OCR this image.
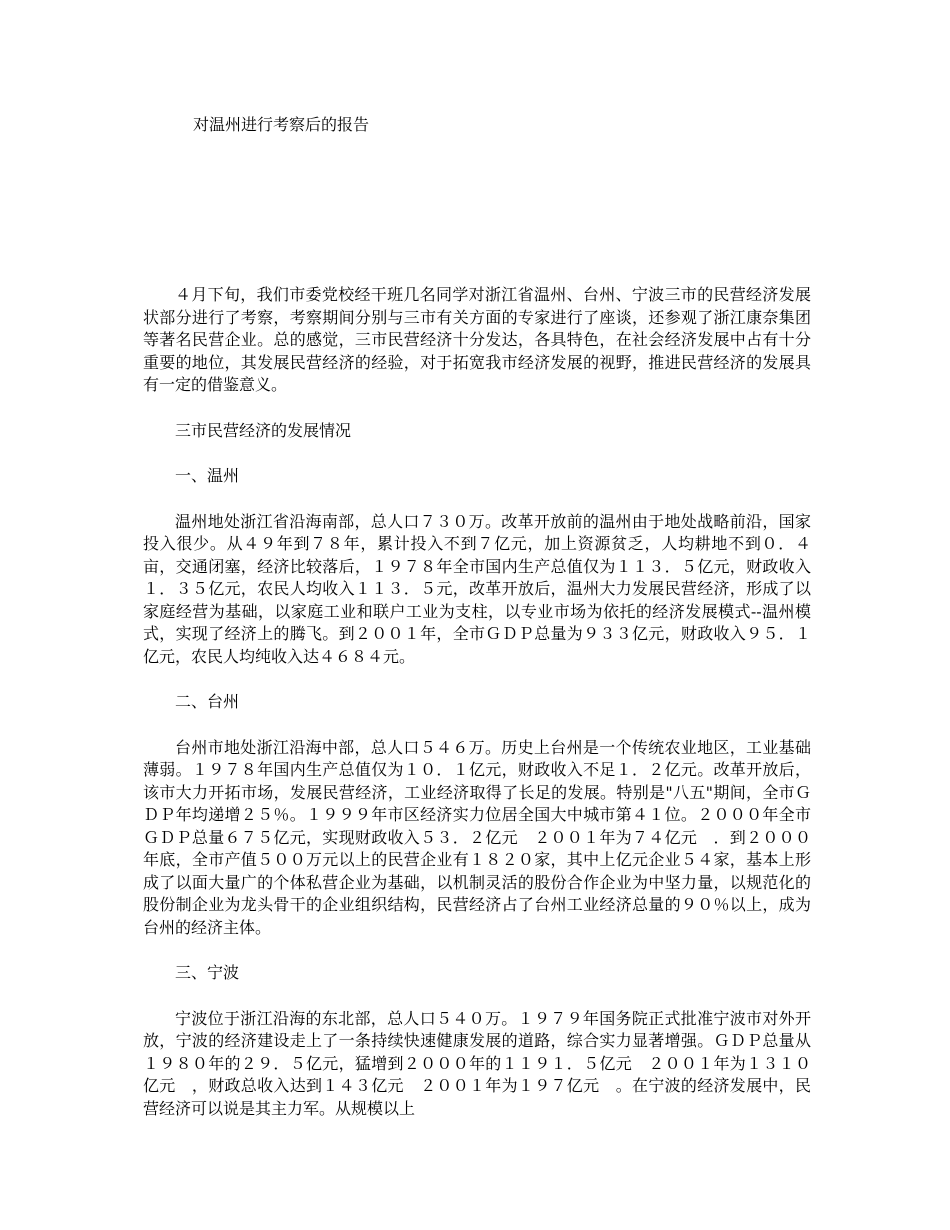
对温州进行考察后的报告

４月下旬，我们市委党校经干班几名同学对浙江省温州、台州、宁波三市的民营经济发展状部分进行了考察，考察期间分别与三市有关方面的专家进行了座谈，还参观了浙江康奈集团等著名民营企业。总的感觉，三市民营经济十分发达，各具特色，在社会经济发展中占有十分重要的地位，其发展民营经济的经验，对于拓宽我市经济发展的视野，推进民营经济的发展具有一定的借鉴意义。

三市民营经济的发展情况

一、温州

温州地处浙江省沿海南部，总人口７３０万。改革开放前的温州由于地处战略前沿，国家投入很少。从４９年到７８年，累计投入不到７亿元，加上资源贫乏，人均耕地不到０．４亩，交通闭塞，经济比较落后，１９７８年全市国内生产总值仅为１１３．５亿元，财政收入１．３５亿元，农民人均收入１１３．５元，改革开放后，温州大力发展民营经济，形成了以家庭经营为基础，以家庭工业和联户工业为支柱，以专业市场为依托的经济发展模式--温州模式，实现了经济上的腾飞。到２００１年，全市ＧＤＰ总量为９３３亿元，财政收入９５．１亿元，农民人均纯收入达４６８４元。

二、台州

台州市地处浙江沿海中部，总人口５４６万。历史上台州是一个传统农业地区，工业基础薄弱。１９７８年国内生产总值仅为１０．１亿元，财政收入不足１．２亿元。改革开放后，该市大力开拓市场，发展民营经济，工业经济取得了长足的发展。特别是"八五"期间，全市ＧＤＰ年均递增２５％。１９９９年市区经济实力位居全国大中城市第４１位。２０００年全市ＧＤＰ总量６７５亿元，实现财政收入５３．２亿元　２００１年为７４亿元　．到２０００年底，全市产值５００万元以上的民营企业有１８２０家，其中上亿元企业５４家，基本上形成了以面大量广的个体私营企业为基础，以机制灵活的股份合作企业为中坚力量，以规范化的股份制企业为龙头骨干的企业组织结构，民营经济占了台州工业经济总量的９０％以上，成为台州的经济主体。

三、宁波

宁波位于浙江沿海的东北部，总人口５４０万。１９７９年国务院正式批准宁波市对外开放，宁波的经济建设走上了一条持续快速健康发展的道路，综合实力显著增强。ＧＤＰ总量从１９８０年的２９．５亿元，猛增到２０００年的１１９１．５亿元　２００１年为１３１０亿元　，财政总收入达到１４３亿元　２００１年为１９７亿元　。在宁波的经济发展中，民营经济可以说是其主力军。从规模以上
